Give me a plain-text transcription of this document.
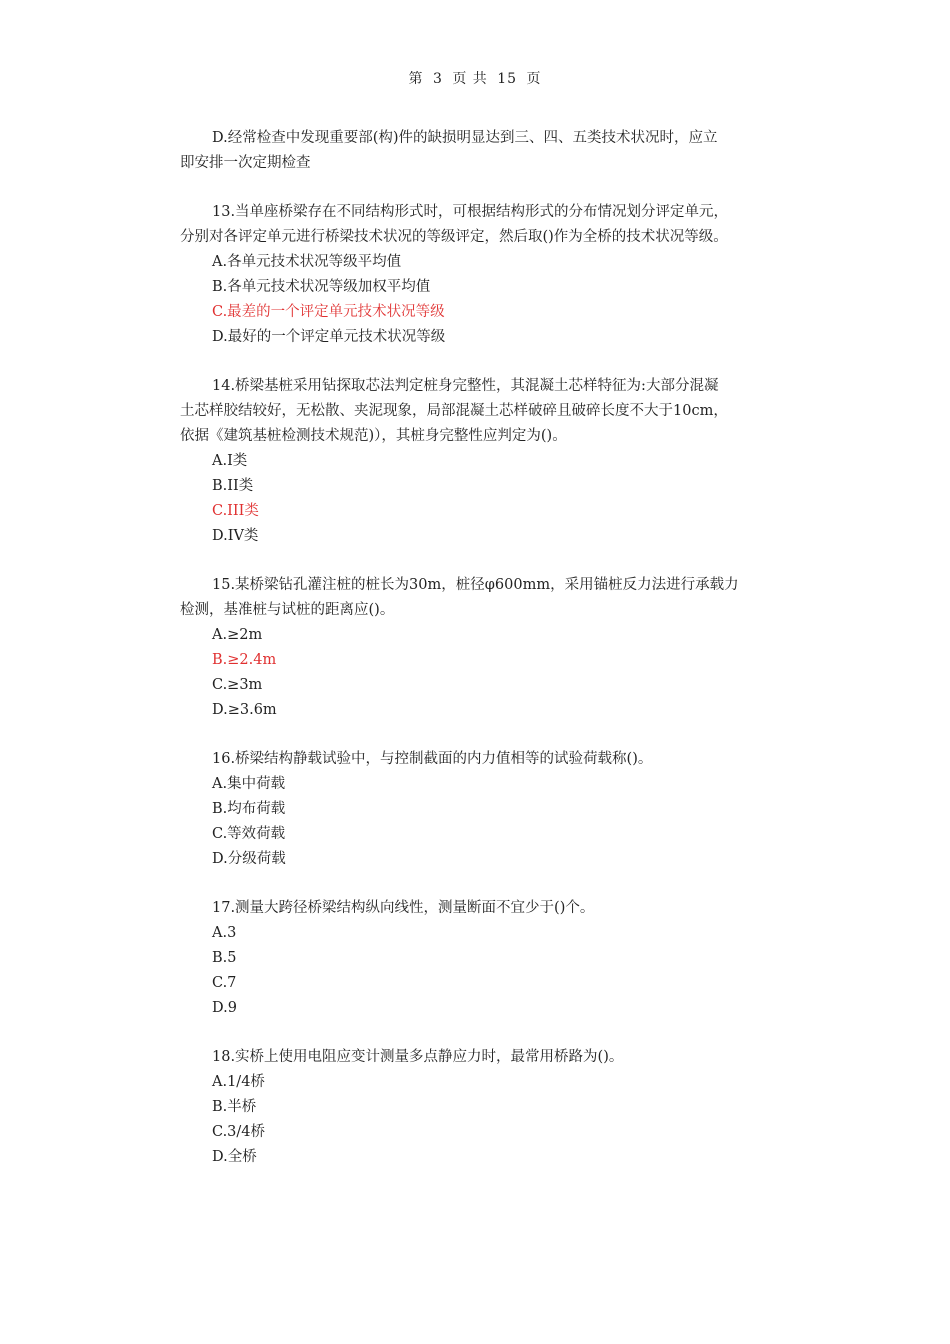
第 3 页 共 15 页
D.经常检查中发现重要部(构)件的缺损明显达到三、四、五类技术状况时，应立
即安排一次定期检查
13.当单座桥梁存在不同结构形式时，可根据结构形式的分布情况划分评定单元，
分别对各评定单元进行桥梁技术状况的等级评定，然后取()作为全桥的技术状况等级。
A.各单元技术状况等级平均值
B.各单元技术状况等级加权平均值
C.最差的一个评定单元技术状况等级
D.最好的一个评定单元技术状况等级
14.桥梁基桩采用钻探取芯法判定桩身完整性，其混凝土芯样特征为:大部分混凝
土芯样胶结较好，无松散、夹泥现象，局部混凝土芯样破碎且破碎长度不大于10cm，
依据《建筑基桩检测技术规范)），其桩身完整性应判定为()。
A.I类
B.II类
C.III类
D.IV类
15.某桥梁钻孔灌注桩的桩长为30m，桩径φ600mm，采用锚桩反力法进行承载力
检测，基准桩与试桩的距离应()。
A.≥2m
B.≥2.4m
C.≥3m
D.≥3.6m
16.桥梁结构静载试验中，与控制截面的内力值相等的试验荷载称()。
A.集中荷载
B.均布荷载
C.等效荷载
D.分级荷载
17.测量大跨径桥梁结构纵向线性，测量断面不宜少于()个。
A.3
B.5
C.7
D.9
18.实桥上使用电阻应变计测量多点静应力时，最常用桥路为()。
A.1/4桥
B.半桥
C.3/4桥
D.全桥
